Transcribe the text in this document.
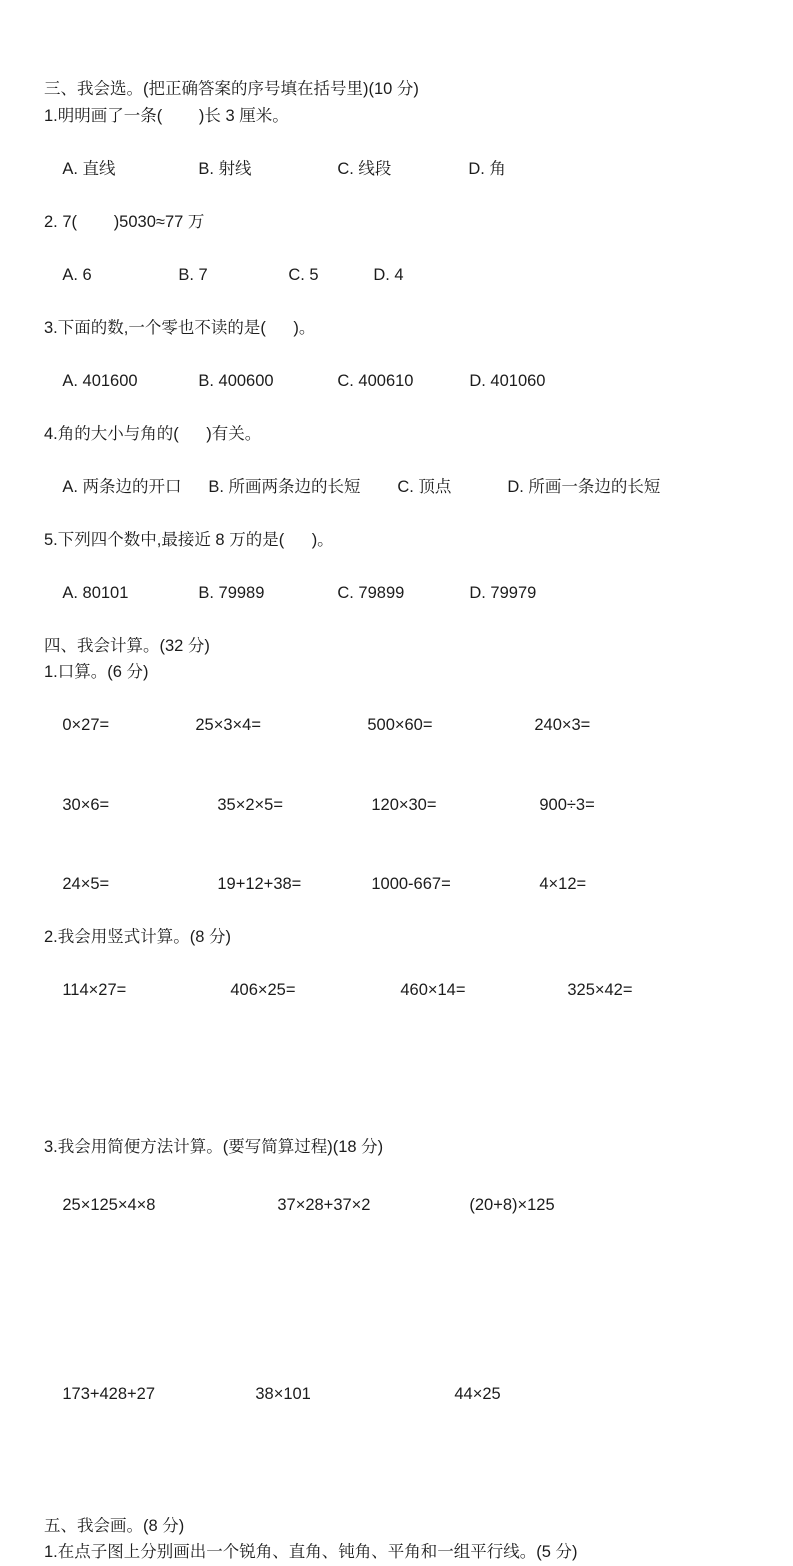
三、我会选。(把正确答案的序号填在括号里)(10 分)
1.明明画了一条(        )长 3 厘米。

A. 直线	B. 射线	C. 线段	D. 角

2. 7(        )5030≈77 万

A. 6	B. 7	C. 5	D. 4

3.下面的数,一个零也不读的是(      )。

A. 401600	B. 400600	C. 400610	D. 401060

4.角的大小与角的(      )有关。

A. 两条边的开口 B. 所画两条边的长短 C. 顶点	D. 所画一条边的长短

5.下列四个数中,最接近 8 万的是(      )。

A. 80101	B. 79989	C. 79899	D. 79979

四、我会计算。(32 分)
1.口算。(6 分)

0×27=	25×3×4=	500×60=	240×3=

30×6=	35×2×5=	120×30=	900÷3=

24×5=	19+12+38=	1000-667=	4×12=

2.我会用竖式计算。(8 分)

114×27=	406×25=	460×14=	325×42=

3.我会用简便方法计算。(要写简算过程)(18 分)

25×125×4×8	37×28+37×2	(20+8)×125

173+428+27	38×101	44×25

五、我会画。(8 分)
1.在点子图上分别画出一个锐角、直角、钝角、平角和一组平行线。(5 分)
